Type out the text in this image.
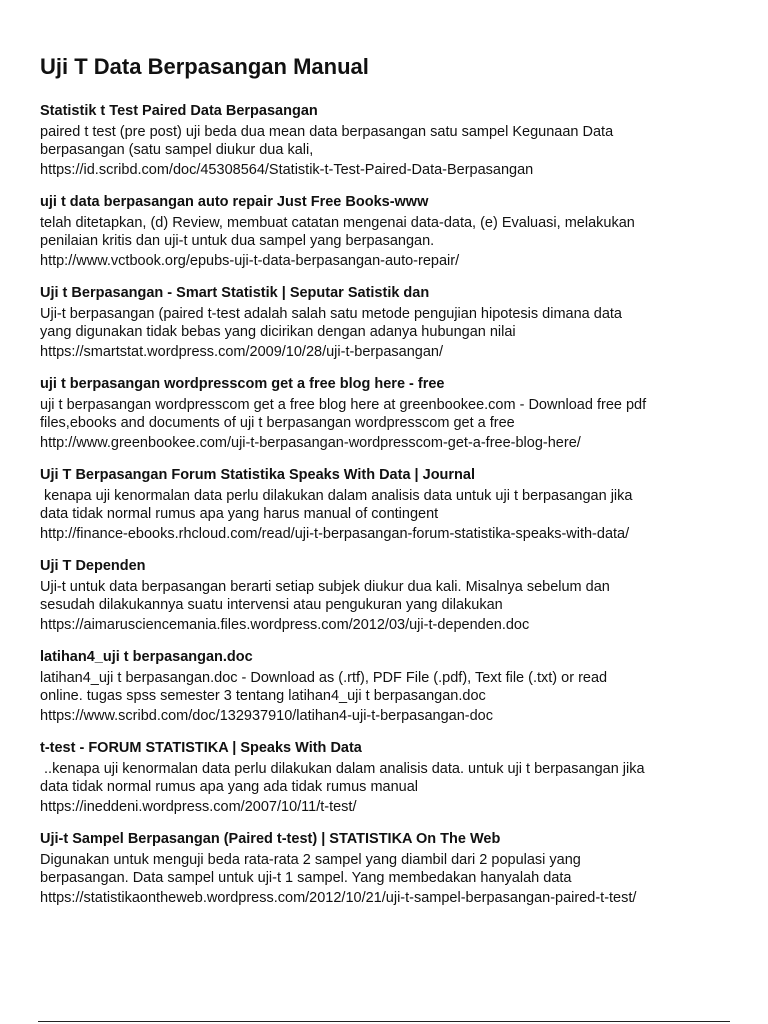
Uji T Data Berpasangan Manual

Statistik t Test Paired Data Berpasangan

paired t test (pre post) uji beda dua mean data berpasangan satu sampel Kegunaan Data
berpasangan (satu sampel diukur dua kali,

https://id.scribd.com/doc/45308564/Statistik-t-Test-Paired-Data-Berpasangan

uji t data berpasangan auto repair Just Free Books-www

telah ditetapkan, (d) Review, membuat catatan mengenai data-data, (e) Evaluasi, melakukan
penilaian kritis dan uji-t untuk dua sampel yang berpasangan.

http://www.vctbook.org/epubs-uji-t-data-berpasangan-auto-repair/

Uji t Berpasangan - Smart Statistik | Seputar Satistik dan

Uji-t berpasangan (paired t-test adalah salah satu metode pengujian hipotesis dimana data
yang digunakan tidak bebas yang dicirikan dengan adanya hubungan nilai

https://smartstat.wordpress.com/2009/10/28/uji-t-berpasangan/

uji t berpasangan wordpresscom get a free blog here - free

uji t berpasangan wordpresscom get a free blog here at greenbookee.com - Download free pdf
files,ebooks and documents of uji t berpasangan wordpresscom get a free

http://www.greenbookee.com/uji-t-berpasangan-wordpresscom-get-a-free-blog-here/

Uji T Berpasangan Forum Statistika Speaks With Data | Journal

kenapa uji kenormalan data perlu dilakukan dalam analisis data untuk uji t berpasangan jika
data tidak normal rumus apa yang harus manual of contingent

http://finance-ebooks.rhcloud.com/read/uji-t-berpasangan-forum-statistika-speaks-with-data/

Uji T Dependen

Uji-t untuk data berpasangan berarti setiap subjek diukur dua kali. Misalnya sebelum dan
sesudah dilakukannya suatu intervensi atau pengukuran yang dilakukan

https://aimarusciencemania.files.wordpress.com/2012/03/uji-t-dependen.doc

latihan4_uji t berpasangan.doc

latihan4_uji t berpasangan.doc - Download as (.rtf), PDF File (.pdf), Text file (.txt) or read
online. tugas spss semester 3 tentang latihan4_uji t berpasangan.doc

https://www.scribd.com/doc/132937910/latihan4-uji-t-berpasangan-doc

t-test - FORUM STATISTIKA | Speaks With Data

..kenapa uji kenormalan data perlu dilakukan dalam analisis data. untuk uji t berpasangan jika
data tidak normal rumus apa yang ada tidak rumus manual

https://ineddeni.wordpress.com/2007/10/11/t-test/

Uji-t Sampel Berpasangan (Paired t-test) | STATISTIKA On The Web

Digunakan untuk menguji beda rata-rata 2 sampel yang diambil dari 2 populasi yang
berpasangan. Data sampel untuk uji-t 1 sampel. Yang membedakan hanyalah data

https://statistikaontheweb.wordpress.com/2012/10/21/uji-t-sampel-berpasangan-paired-t-test/
